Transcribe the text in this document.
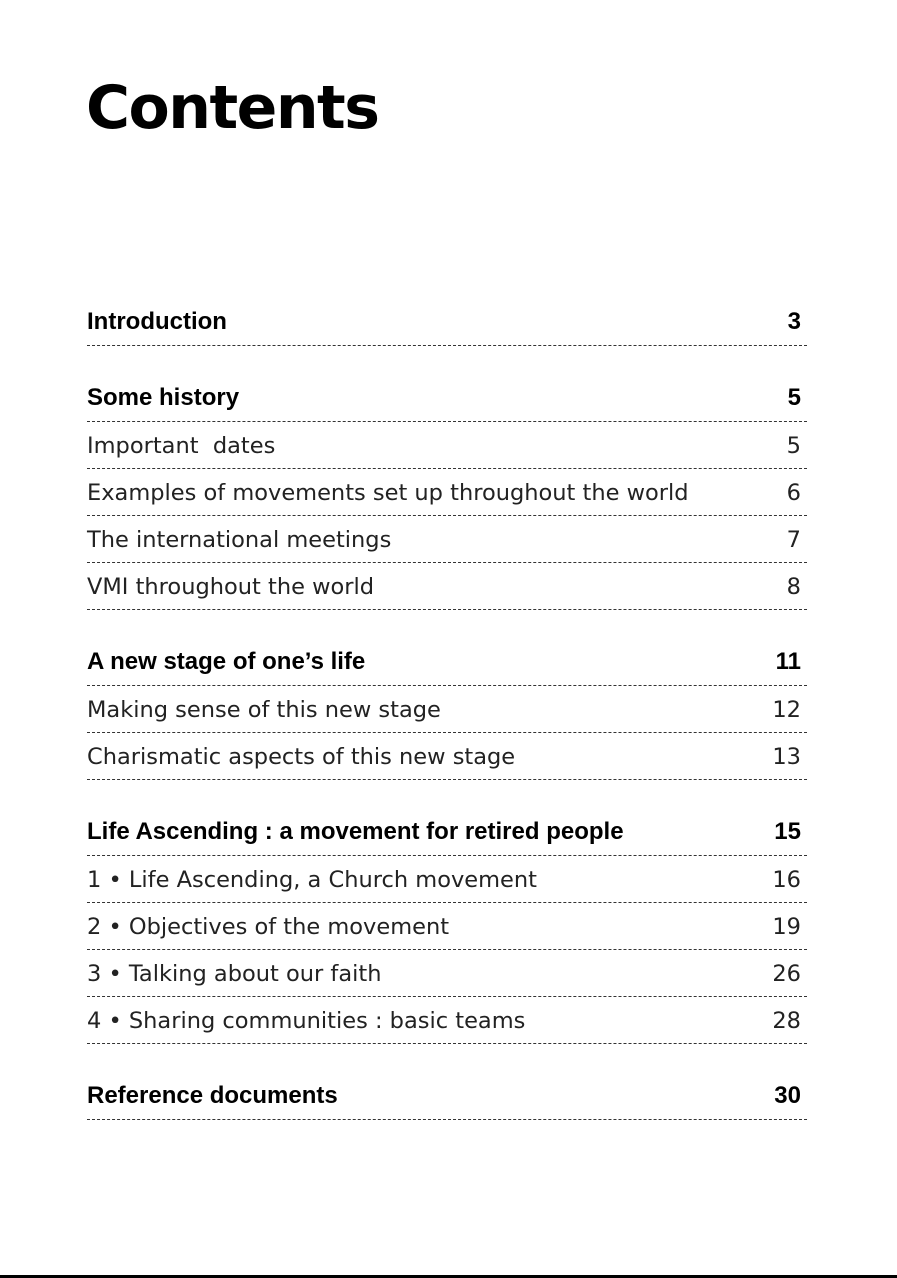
Contents
Introduction	3
Some history	5
Important  dates	5
Examples of movements set up throughout the world	6
The international meetings	7
VMI throughout the world	8
A new stage of one’s life	11
Making sense of this new stage	12
Charismatic aspects of this new stage	13
Life Ascending : a movement for retired people	15
1 • Life Ascending, a Church movement	16
2 • Objectives of the movement	19
3 • Talking about our faith	26
4 • Sharing communities : basic teams	28
Reference documents	30
